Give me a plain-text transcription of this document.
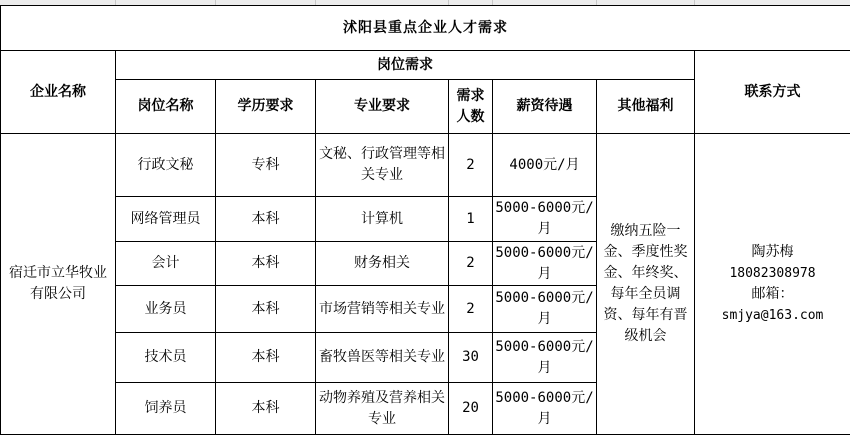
沭阳县重点企业人才需求							
企业名称	岗位需求						联系方式
	岗位名称	学历要求	专业要求	需求人数	薪资待遇	其他福利	
宿迁市立华牧业有限公司	行政文秘	专科	文秘、行政管理等相关专业	2	4000元/月	缴纳五险一金、季度性奖金、年终奖、每年全员调资、每年有晋级机会	陶苏梅
18082308978
邮箱：
smjya@163.com

	网络管理员	本科	计算机	1	5000-6000元/月		
	会计	本科	财务相关	2	5000-6000元/月		
	业务员	本科	市场营销等相关专业	2	5000-6000元/月		
	技术员	本科	畜牧兽医等相关专业	30	5000-6000元/月		
	饲养员	本科	动物养殖及营养相关专业	20	5000-6000元/月		
